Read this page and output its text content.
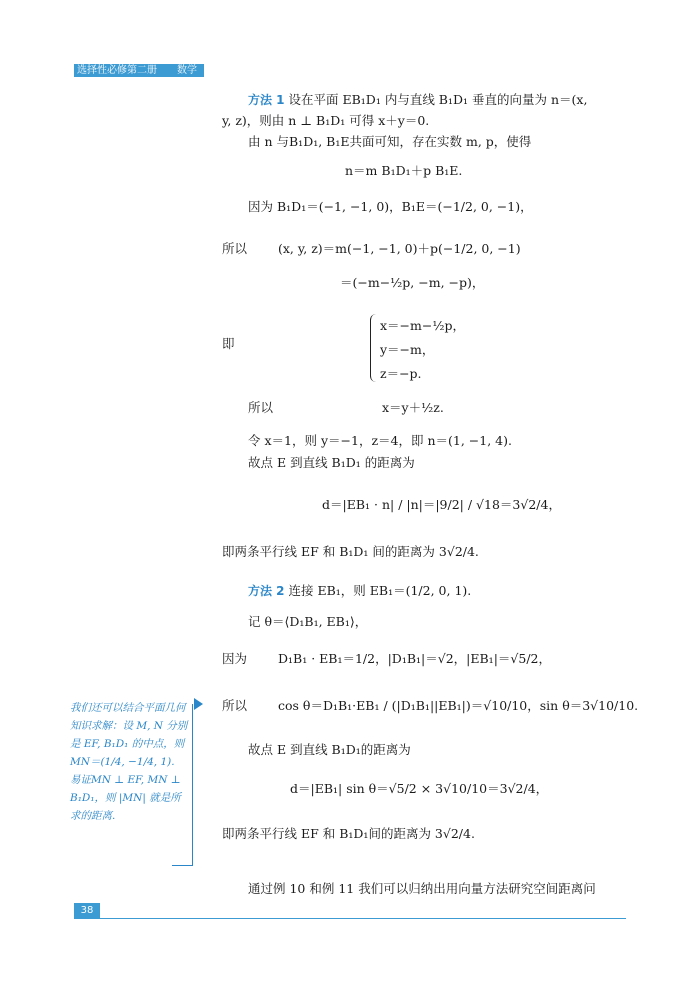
选择性必修第二册 数学
方法 1 设在平面 EB₁D₁ 内与直线 B₁D₁ 垂直的向量为 n＝(x,
y, z)，则由 n ⊥ B₁D₁ 可得 x＋y＝0.
由 n 与B₁D₁, B₁E共面可知，存在实数 m, p，使得
n＝m B₁D₁＋p B₁E.
因为 B₁D₁＝(−1, −1, 0)，B₁E＝(−1/2, 0, −1)，
所以 (x, y, z)＝m(−1, −1, 0)＋p(−1/2, 0, −1)
＝(−m−½p, −m, −p)，
即
x＝−m−½p，
y＝−m，
z＝−p.
所以	x＝y＋½z.
令 x＝1，则 y＝−1，z＝4，即 n＝(1, −1, 4).
故点 E 到直线 B₁D₁ 的距离为
d＝|EB₁ · n| / |n|＝|9/2| / √18＝3√2/4，
即两条平行线 EF 和 B₁D₁ 间的距离为 3√2/4.
方法 2 连接 EB₁，则 EB₁＝(1/2, 0, 1).
记 θ＝⟨D₁B₁, EB₁⟩，
因为 D₁B₁ · EB₁＝1/2，|D₁B₁|＝√2，|EB₁|＝√5/2，
所以 cos θ＝D₁B₁·EB₁ / (|D₁B₁||EB₁|)＝√10/10，sin θ＝3√10/10.
故点 E 到直线 B₁D₁的距离为
d＝|EB₁| sin θ＝√5/2 × 3√10/10＝3√2/4，
即两条平行线 EF 和 B₁D₁间的距离为 3√2/4.
通过例 10 和例 11 我们可以归纳出用向量方法研究空间距离问
我们还可以结合平面几何知识求解：设 M, N 分别是 EF, B₁D₁ 的中点，则 MN＝(1/4, −1/4, 1). 易证MN ⊥ EF, MN ⊥ B₁D₁，则 |MN| 就是所求的距离.
38
